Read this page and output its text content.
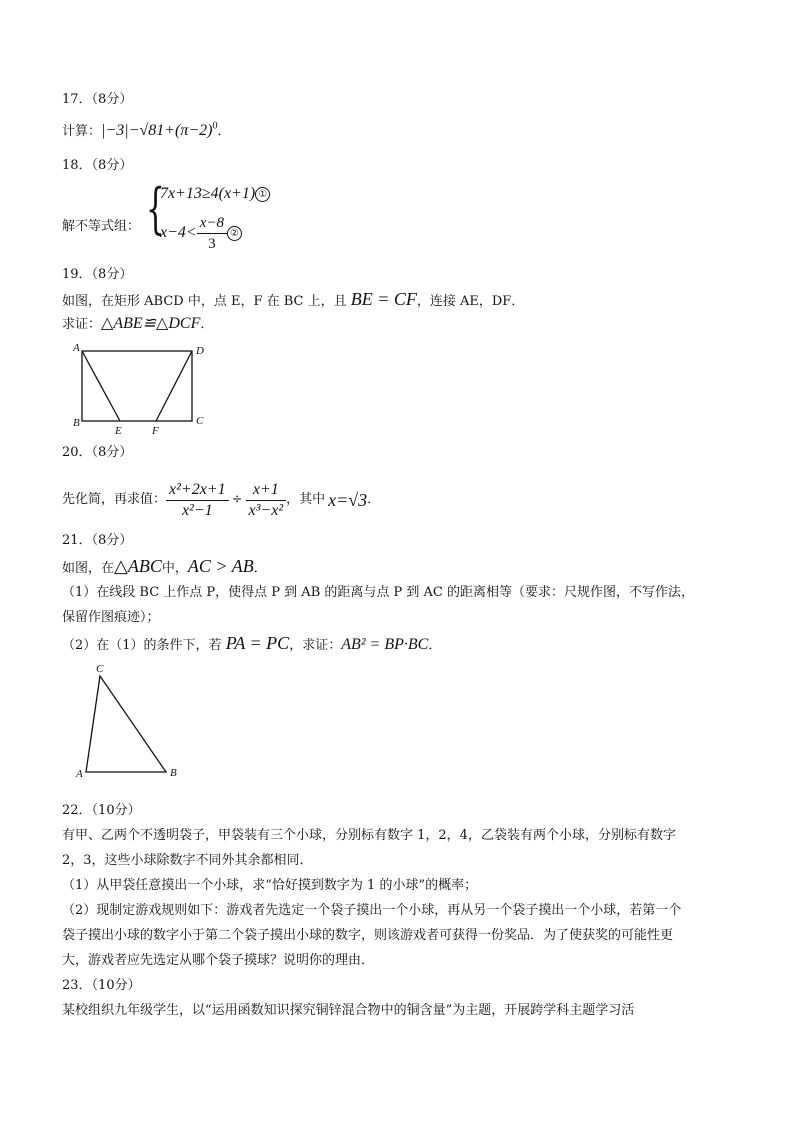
17．（8分）
计算：$|-3|-√81+(\pi-2)^0$．
18．（8分）
解不等式组： {
7x+13≥4(x+1) ①
$x-4< \frac{x-8}{3}$ ②
19．（8分）
如图，在矩形 ABCD 中，点 E，F 在 BC 上，且 BE = CF，连接 AE，DF．
求证：△ABE≌△DCF．
A	D
B	C
E	F
20．（8分）
先化简，再求值： $\frac{\text{x²+2x+1}}{\text{x²−1}} \div \frac{x+1}{\text{x³−x²}}$ ，其中 x=√3 ．
21．（8分）
如图，在△ABC中，AC > AB．
（1）在线段 BC 上作点 P，使得点 P 到 AB 的距离与点 P 到 AC 的距离相等（要求：尺规作图，不写作法，
保留作图痕迹）；
（2）在（1）的条件下，若 PA = PC，求证：AB² = BP·BC．
C
A	B
22．（10分）
有甲、乙两个不透明袋子，甲袋装有三个小球，分别标有数字 1，2，4，乙袋装有两个小球，分别标有数字
2，3，这些小球除数字不同外其余都相同．
（1）从甲袋任意摸出一个小球，求“恰好摸到数字为 1 的小球”的概率；
（2）现制定游戏规则如下：游戏者先选定一个袋子摸出一个小球，再从另一个袋子摸出一个小球，若第一个
袋子摸出小球的数字小于第二个袋子摸出小球的数字，则该游戏者可获得一份奖品．为了使获奖的可能性更
大，游戏者应先选定从哪个袋子摸球？说明你的理由．
23．（10分）
某校组织九年级学生，以“运用函数知识探究铜锌混合物中的铜含量”为主题，开展跨学科主题学习活
